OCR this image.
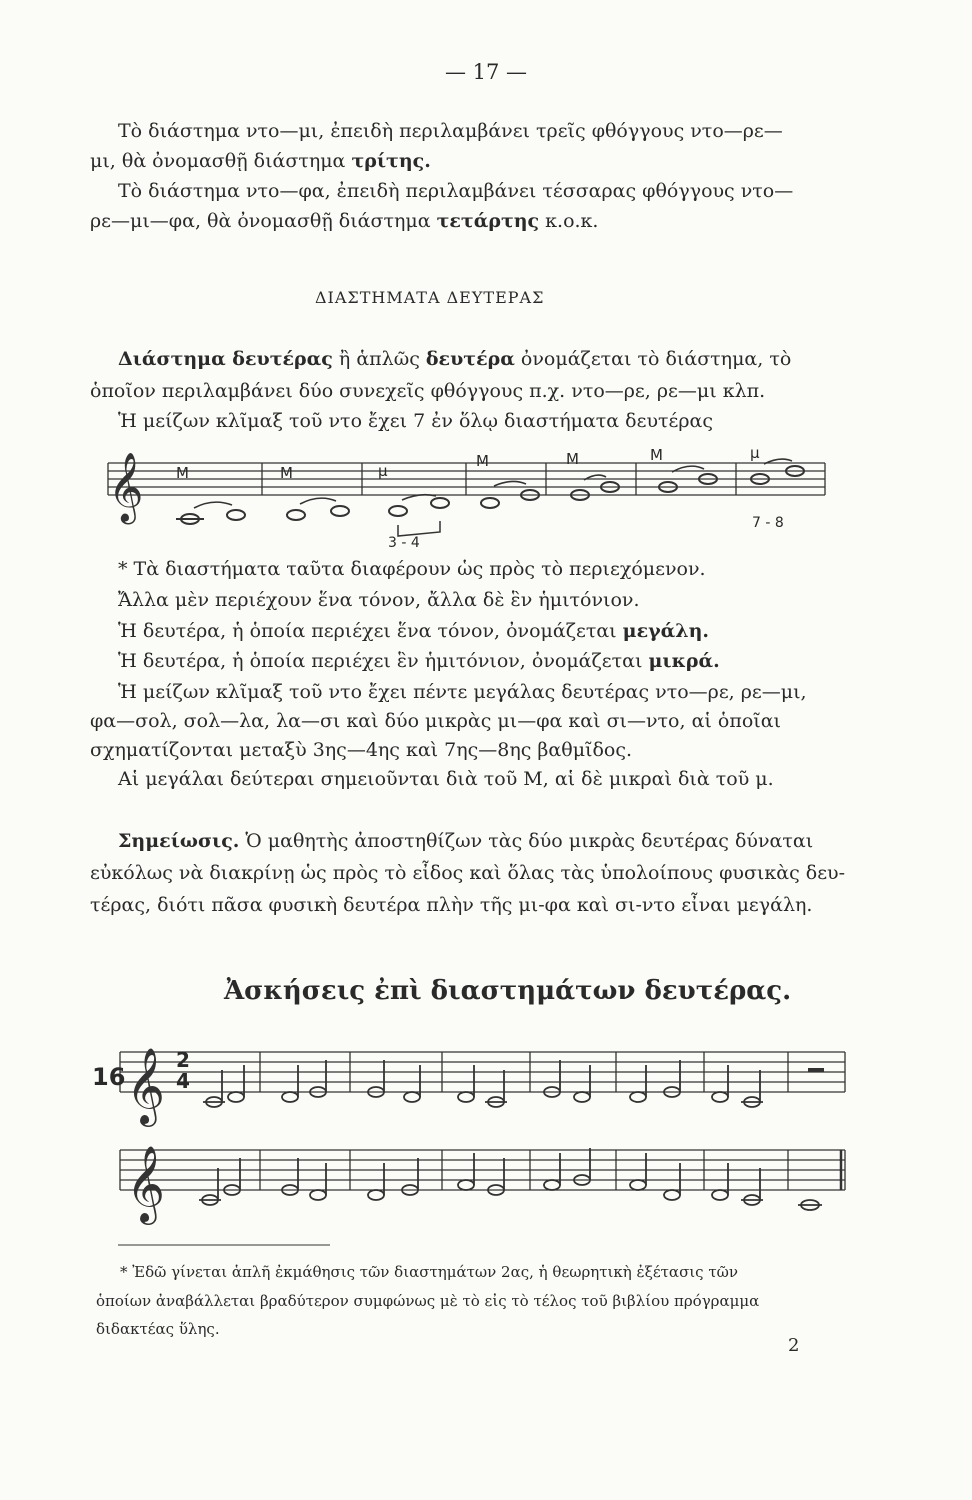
— 17 —
Τὸ διάστημα ντο—μι, ἐπειδὴ περιλαμβάνει τρεῖς φθόγγους ντο—ρε—
μι, θὰ ὀνομασθῇ διάστημα τρίτης.
Τὸ διάστημα ντο—φα, ἐπειδὴ περιλαμβάνει τέσσαρας φθόγγους ντο—
ρε—μι—φα, θὰ ὀνομασθῇ διάστημα τετάρτης κ.ο.κ.
ΔΙΑΣΤΗΜΑΤΑ ΔΕΥΤΕΡΑΣ
Διάστημα δευτέρας ἢ ἁπλῶς δευτέρα ὀνομάζεται τὸ διάστημα, τὸ
ὁποῖον περιλαμβάνει δύο συνεχεῖς φθόγγους π.χ. ντο—ρε, ρε—μι κλπ.
Ἡ μείζων κλῖμαξ τοῦ ντο ἔχει 7 ἐν ὅλῳ διαστήματα δευτέρας
𝄞 M	M	μ
M	M	M	μ
3 - 4
7 - 8
* Τὰ διαστήματα ταῦτα διαφέρουν ὡς πρὸς τὸ περιεχόμενον.
Ἄλλα μὲν περιέχουν ἕνα τόνον, ἄλλα δὲ ἓν ἡμιτόνιον.
Ἡ δευτέρα, ἡ ὁποία περιέχει ἕνα τόνον, ὀνομάζεται μεγάλη.
Ἡ δευτέρα, ἡ ὁποία περιέχει ἓν ἡμιτόνιον, ὀνομάζεται μικρά.
Ἡ μείζων κλῖμαξ τοῦ ντο ἔχει πέντε μεγάλας δευτέρας ντο—ρε, ρε—μι,
φα—σολ, σολ—λα, λα—σι καὶ δύο μικρὰς μι—φα καὶ σι—ντο, αἱ ὁποῖαι
σχηματίζονται μεταξὺ 3ης—4ης καὶ 7ης—8ης βαθμῖδος.
Αἱ μεγάλαι δεύτεραι σημειοῦνται διὰ τοῦ Μ, αἱ δὲ μικραὶ διὰ τοῦ μ.
Σημείωσις. Ὁ μαθητὴς ἀποστηθίζων τὰς δύο μικρὰς δευτέρας δύναται
εὐκόλως νὰ διακρίνῃ ὡς πρὸς τὸ εἶδος καὶ ὅλας τὰς ὑπολοίπους φυσικὰς δευ-
τέρας, διότι πᾶσα φυσικὴ δευτέρα πλὴν τῆς μι-φα καὶ σι-ντο εἶναι μεγάλη.
Ἀσκήσεις ἐπὶ διαστημάτων δευτέρας.
𝄞
𝄞
16
2
4
* Ἐδῶ γίνεται ἁπλῆ ἐκμάθησις τῶν διαστημάτων 2ας, ἡ θεωρητικὴ ἐξέτασις τῶν
ὁποίων ἀναβάλλεται βραδύτερον συμφώνως μὲ τὸ εἰς τὸ τέλος τοῦ βιβλίου πρόγραμμα
διδακτέας ὕλης.
2
